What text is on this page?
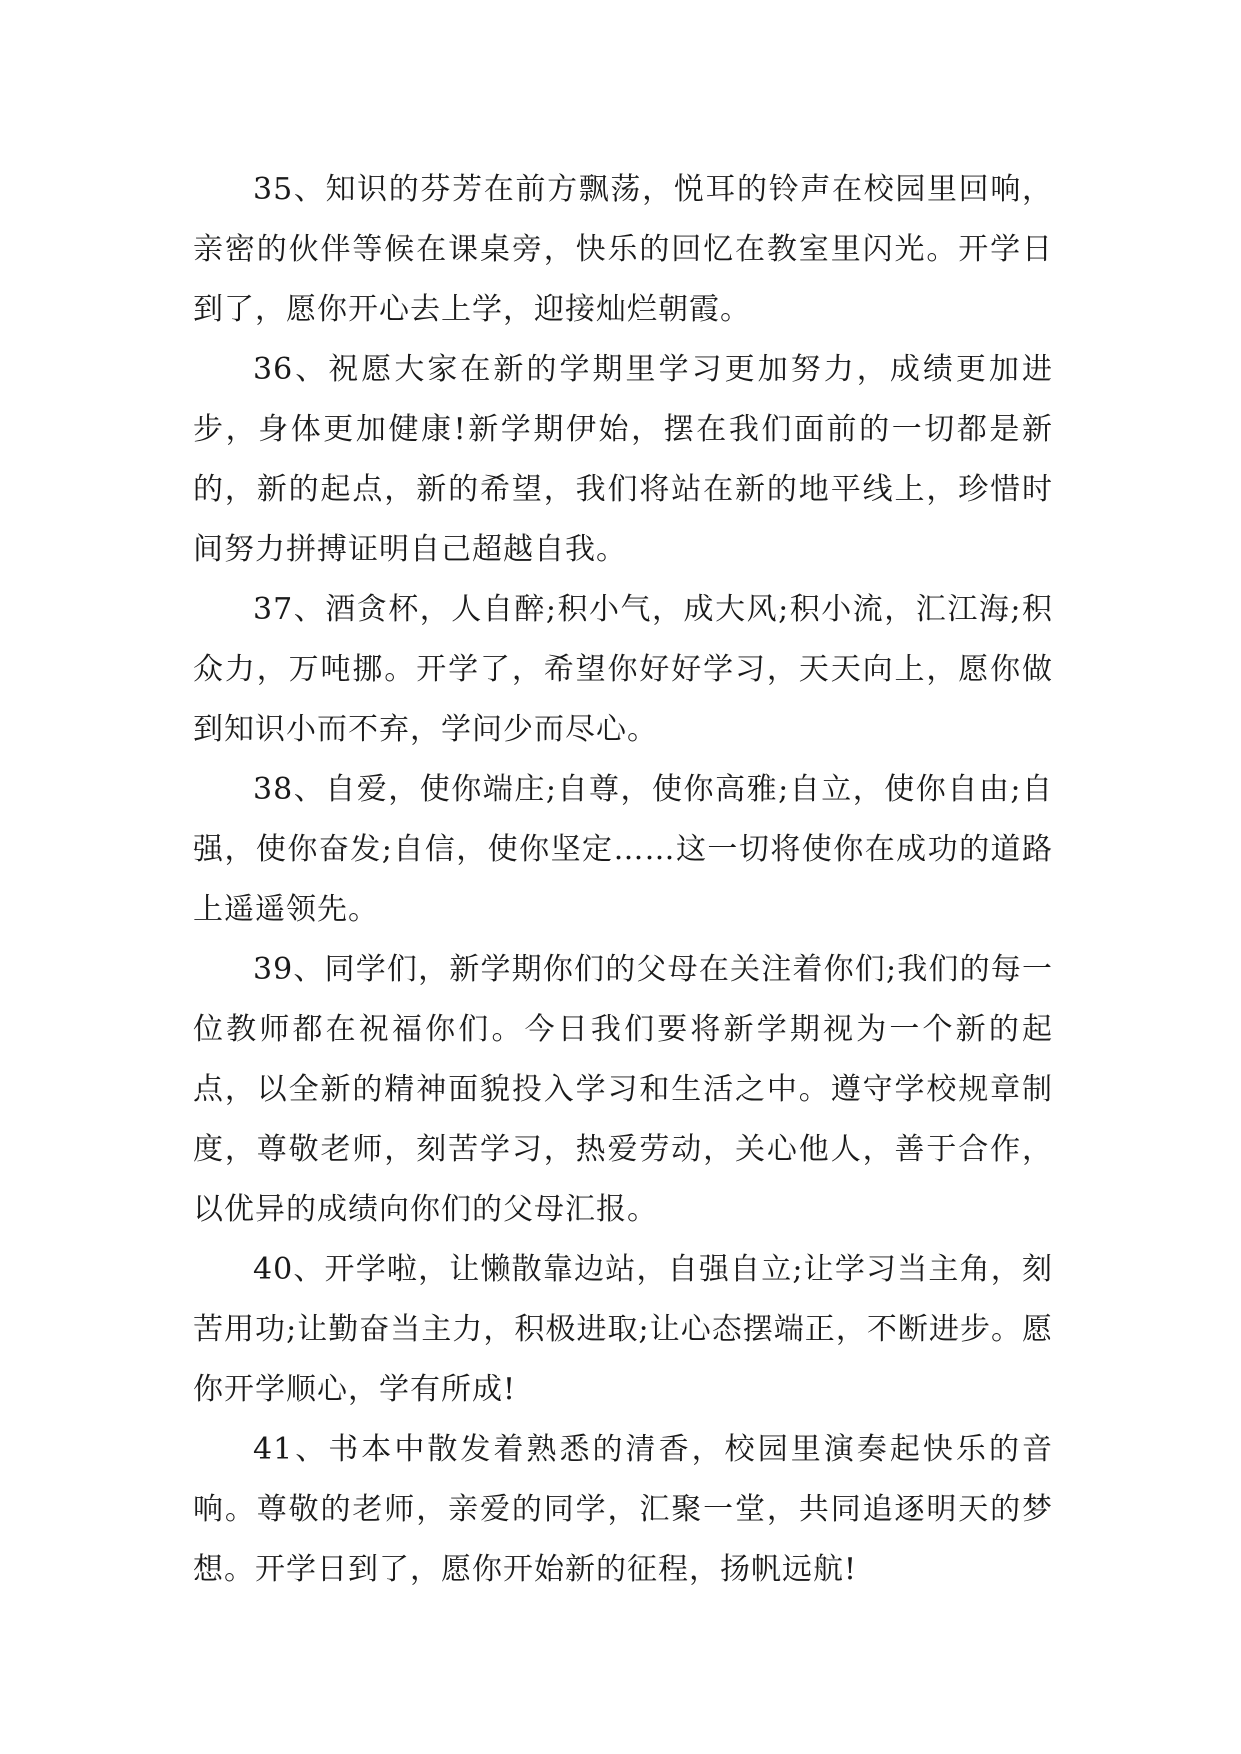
35、知识的芬芳在前方飘荡，悦耳的铃声在校园里回响，亲密的伙伴等候在课桌旁，快乐的回忆在教室里闪光。开学日到了，愿你开心去上学，迎接灿烂朝霞。

36、祝愿大家在新的学期里学习更加努力，成绩更加进步，身体更加健康!新学期伊始，摆在我们面前的一切都是新的，新的起点，新的希望，我们将站在新的地平线上，珍惜时间努力拼搏证明自己超越自我。

37、酒贪杯，人自醉;积小气，成大风;积小流，汇江海;积众力，万吨挪。开学了，希望你好好学习，天天向上，愿你做到知识小而不弃，学问少而尽心。

38、自爱，使你端庄;自尊，使你高雅;自立，使你自由;自强，使你奋发;自信，使你坚定……这一切将使你在成功的道路上遥遥领先。

39、同学们，新学期你们的父母在关注着你们;我们的每一位教师都在祝福你们。今日我们要将新学期视为一个新的起点，以全新的精神面貌投入学习和生活之中。遵守学校规章制度，尊敬老师，刻苦学习，热爱劳动，关心他人，善于合作，以优异的成绩向你们的父母汇报。

40、开学啦，让懒散靠边站，自强自立;让学习当主角，刻苦用功;让勤奋当主力，积极进取;让心态摆端正，不断进步。愿你开学顺心，学有所成!

41、书本中散发着熟悉的清香，校园里演奏起快乐的音响。尊敬的老师，亲爱的同学，汇聚一堂，共同追逐明天的梦想。开学日到了，愿你开始新的征程，扬帆远航!
